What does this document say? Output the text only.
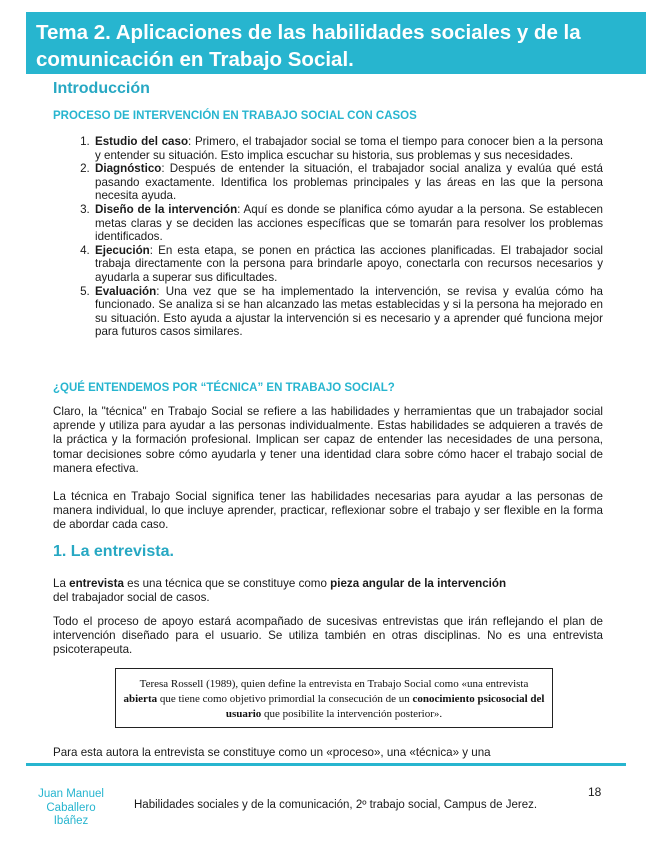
Tema 2. Aplicaciones de las habilidades sociales y de la comunicación en Trabajo Social.
Introducción
PROCESO DE INTERVENCIÓN EN TRABAJO SOCIAL CON CASOS
1. Estudio del caso: Primero, el trabajador social se toma el tiempo para conocer bien a la persona y entender su situación. Esto implica escuchar su historia, sus problemas y sus necesidades.
2. Diagnóstico: Después de entender la situación, el trabajador social analiza y evalúa qué está pasando exactamente. Identifica los problemas principales y las áreas en las que la persona necesita ayuda.
3. Diseño de la intervención: Aquí es donde se planifica cómo ayudar a la persona. Se establecen metas claras y se deciden las acciones específicas que se tomarán para resolver los problemas identificados.
4. Ejecución: En esta etapa, se ponen en práctica las acciones planificadas. El trabajador social trabaja directamente con la persona para brindarle apoyo, conectarla con recursos necesarios y ayudarla a superar sus dificultades.
5. Evaluación: Una vez que se ha implementado la intervención, se revisa y evalúa cómo ha funcionado. Se analiza si se han alcanzado las metas establecidas y si la persona ha mejorado en su situación. Esto ayuda a ajustar la intervención si es necesario y a aprender qué funciona mejor para futuros casos similares.
¿QUÉ ENTENDEMOS POR “TÉCNICA” EN TRABAJO SOCIAL?

Claro, la "técnica" en Trabajo Social se refiere a las habilidades y herramientas que un trabajador social aprende y utiliza para ayudar a las personas individualmente. Estas habilidades se adquieren a través de la práctica y la formación profesional. Implican ser capaz de entender las necesidades de una persona, tomar decisiones sobre cómo ayudarla y tener una identidad clara sobre cómo hacer el trabajo social de manera efectiva.

La técnica en Trabajo Social significa tener las habilidades necesarias para ayudar a las personas de manera individual, lo que incluye aprender, practicar, reflexionar sobre el trabajo y ser flexible en la forma de abordar cada caso.

1. La entrevista.

La entrevista es una técnica que se constituye como pieza angular de la intervención
del trabajador social de casos.

Todo el proceso de apoyo estará acompañado de sucesivas entrevistas que irán reflejando el plan de intervención diseñado para el usuario. Se utiliza también en otras disciplinas. No es una entrevista psicoterapeuta.

Teresa Rossell (1989), quien define la entrevista en Trabajo Social como «una entrevista abierta que tiene como objetivo primordial la consecución de un conocimiento psicosocial del usuario que posibilite la intervención posterior».

Para esta autora la entrevista se constituye como un «proceso», una «técnica» y una

18
Juan Manuel Caballero Ibáñez
Habilidades sociales y de la comunicación, 2º trabajo social, Campus de Jerez.
